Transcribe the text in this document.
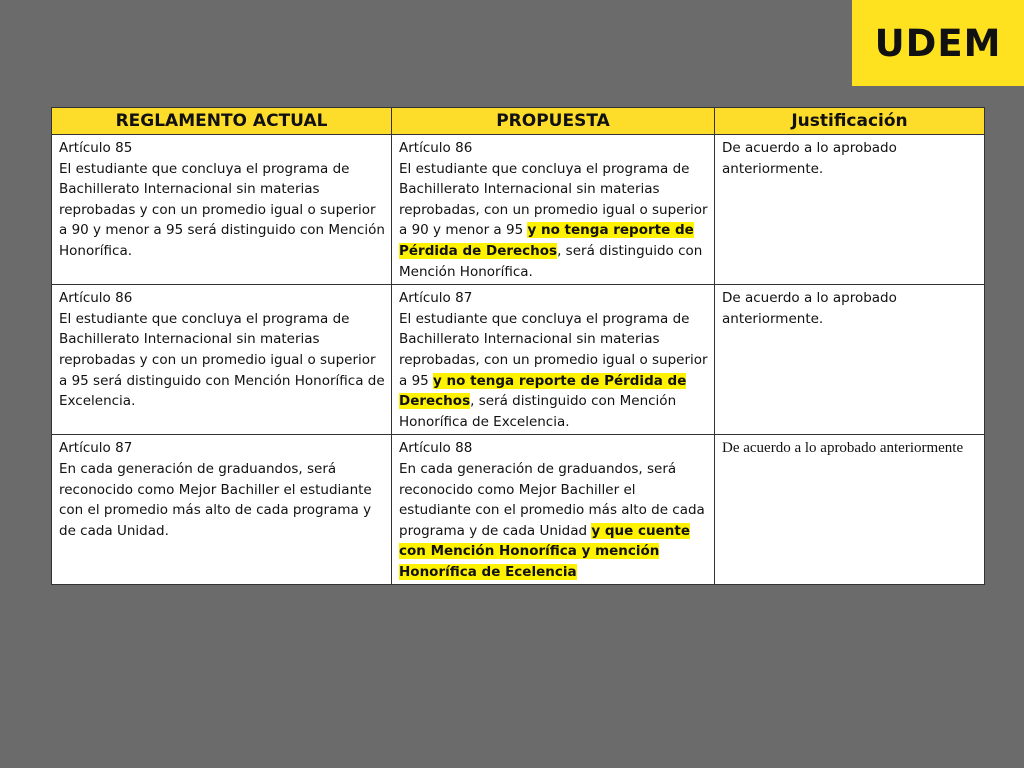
UDEM
REGLAMENTO ACTUAL	PROPUESTA	Justificación

Artículo 85
El estudiante que concluya el programa de Bachillerato Internacional sin materias reprobadas y con un promedio igual o superior a 90 y menor a 95 será distinguido con Mención Honorífica.	Artículo 86
El estudiante que concluya el programa de Bachillerato Internacional sin materias reprobadas, con un promedio igual o superior a 90 y menor a 95 y no tenga reporte de Pérdida de Derechos, será distinguido con Mención Honorífica.	De acuerdo a lo aprobado anteriormente.

Artículo 86
El estudiante que concluya el programa de Bachillerato Internacional sin materias reprobadas y con un promedio igual o superior a 95 será distinguido con Mención Honorífica de Excelencia.	Artículo 87
El estudiante que concluya el programa de Bachillerato Internacional sin materias reprobadas, con un promedio igual o superior a 95 y no tenga reporte de Pérdida de Derechos, será distinguido con Mención Honorífica de Excelencia.	De acuerdo a lo aprobado anteriormente.

Artículo 87
En cada generación de graduandos, será reconocido como Mejor Bachiller el estudiante con el promedio más alto de cada programa y de cada Unidad.	Artículo 88
En cada generación de graduandos, será reconocido como Mejor Bachiller el estudiante con el promedio más alto de cada programa y de cada Unidad y que cuente con Mención Honorífica y mención Honorífica de Ecelencia	De acuerdo a lo aprobado anteriormente
